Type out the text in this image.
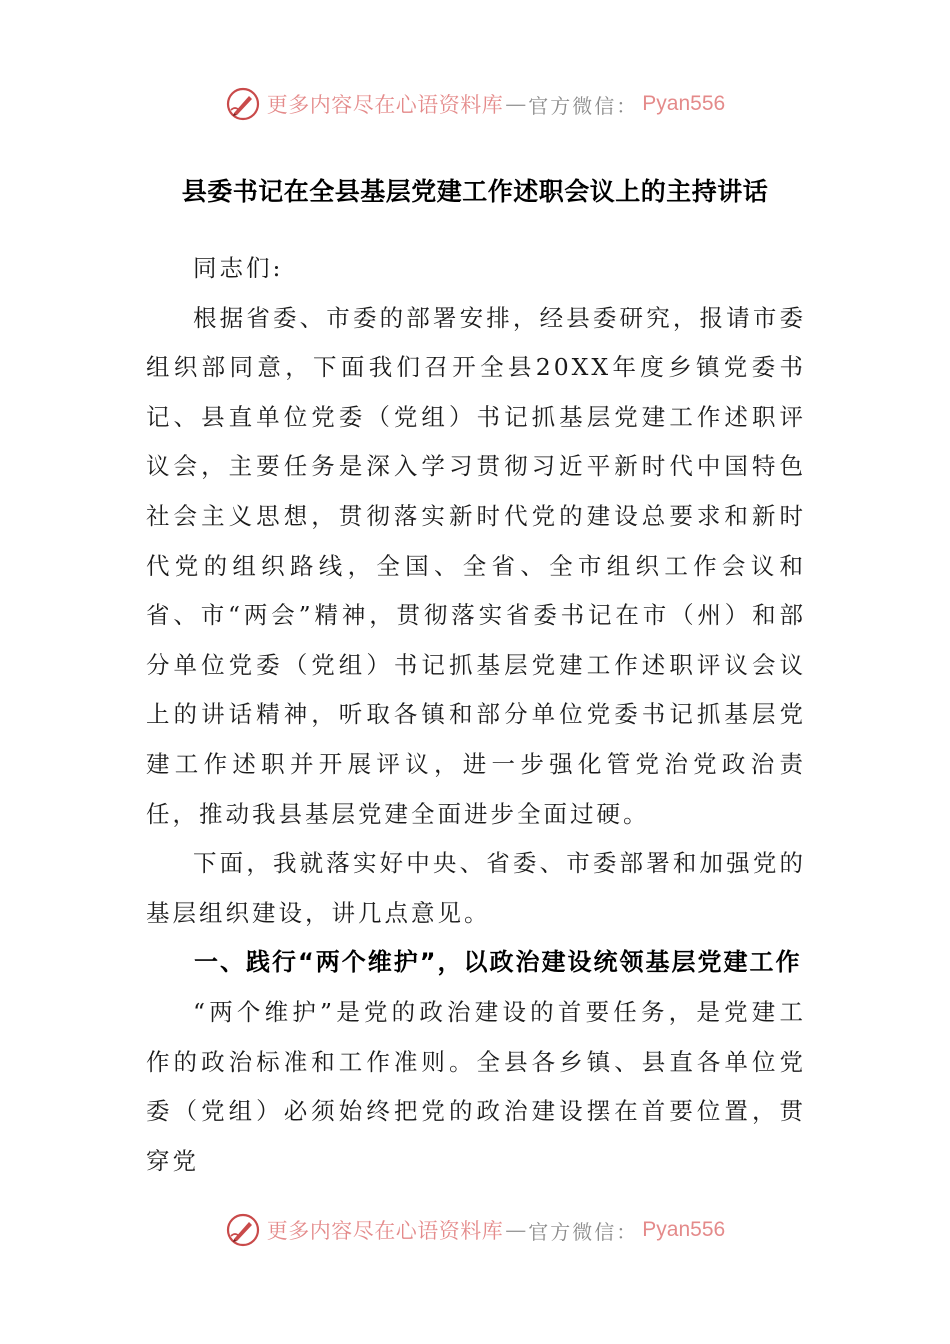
更多内容尽在心语资料库 — 官方微信： Pyan556
县委书记在全县基层党建工作述职会议上的主持讲话

同志们:

根据省委、市委的部署安排，经县委研究，报请市委组织部同意，下面我们召开全县20XX年度乡镇党委书记、县直单位党委（党组）书记抓基层党建工作述职评议会，主要任务是深入学习贯彻习近平新时代中国特色社会主义思想，贯彻落实新时代党的建设总要求和新时代党的组织路线，全国、全省、全市组织工作会议和省、市“两会”精神，贯彻落实省委书记在市（州）和部分单位党委（党组）书记抓基层党建工作述职评议会议上的讲话精神，听取各镇和部分单位党委书记抓基层党建工作述职并开展评议，进一步强化管党治党政治责任，推动我县基层党建全面进步全面过硬。

下面，我就落实好中央、省委、市委部署和加强党的基层组织建设，讲几点意见。

一、践行“两个维护”，以政治建设统领基层党建工作

“两个维护”是党的政治建设的首要任务，是党建工作的政治标准和工作准则。全县各乡镇、县直各单位党委（党组）必须始终把党的政治建设摆在首要位置，贯穿党

更多内容尽在心语资料库 — 官方微信： Pyan556
